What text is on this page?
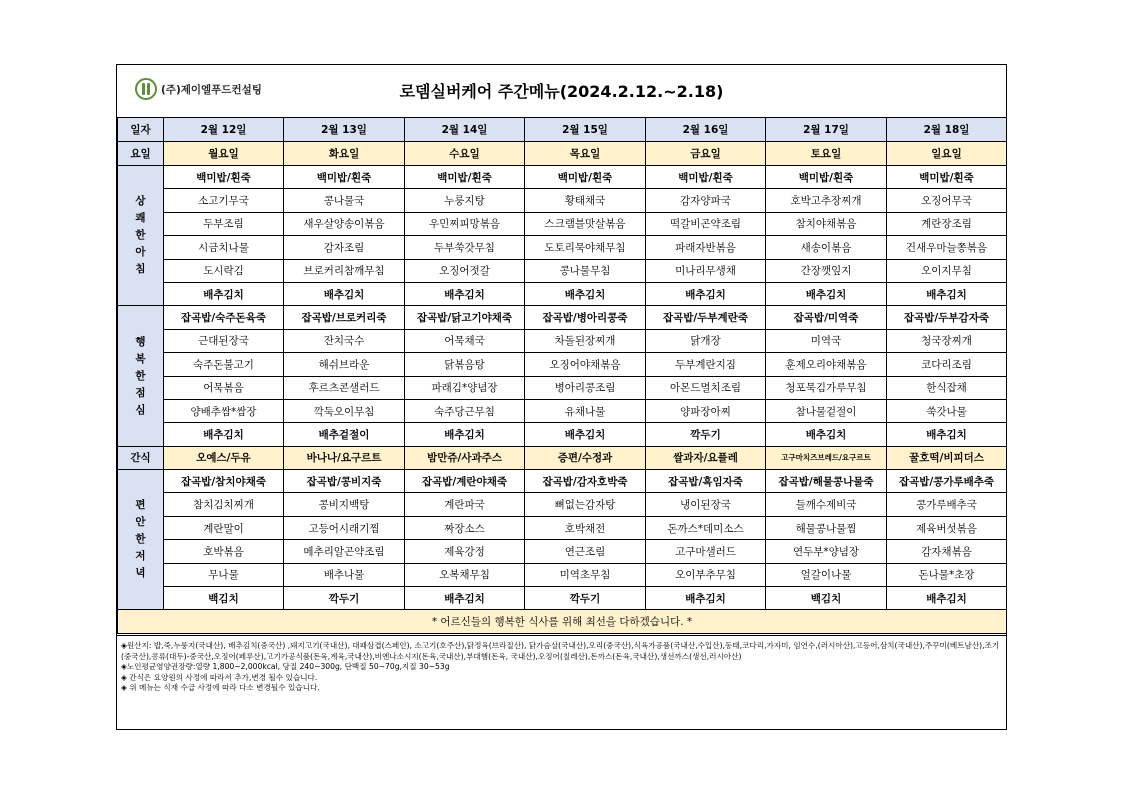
(주)제이엘푸드컨설팅	로뎀실버케어 주간메뉴(2024.2.12.~2.18)
일자	2월 12일	2월 13일	2월 14일	2월 15일	2월 16일	2월 17일	2월 18일
요일	월요일	화요일	수요일	목요일	금요일	토요일	일요일
상
쾌
한
아
침	백미밥/흰죽	백미밥/흰죽	백미밥/흰죽	백미밥/흰죽	백미밥/흰죽	백미밥/흰죽	백미밥/흰죽
	소고기무국	콩나물국	누룽지탕	황태채국	감자양파국	호박고추장찌개	오징어무국
	두부조림	새우살양송이볶음	우민찌피망볶음	스크램블맛살볶음	떡갈비곤약조림	참치야채볶음	계란장조림
	시금치나물	감자조림	두부쑥갓무침	도토리묵야채무침	파래자반볶음	새송이볶음	건새우마늘쫑볶음
	도시락김	브로커리참깨무침	오징어젓갈	콩나물무침	미나리무생채	간장깻잎지	오이지무침
	배추김치	배추김치	배추김치	배추김치	배추김치	배추김치	배추김치
행
복
한
점
심	잡곡밥/숙주돈육죽	잡곡밥/브로커리죽	잡곡밥/닭고기야채죽	잡곡밥/병아리콩죽	잡곡밥/두부계란죽	잡곡밥/미역죽	잡곡밥/두부감자죽
	근대된장국	잔치국수	어묵채국	차돌된장찌개	닭개장	미역국	청국장찌개
	숙주돈불고기	해쉬브라운	닭볶음탕	오징어야채볶음	두부계란지짐	훈제오리야채볶음	코다리조림
	어묵볶음	후르츠콘샐러드	파래김*양념장	병아리콩조림	아몬드멸치조림	청포묵김가루무침	한식잡채
	양배추쌈*쌈장	깍둑오이무침	숙주당근무침	유채나물	양파장아찌	참나물겉절이	쑥갓나물
	배추김치	배추겉절이	배추김치	배추김치	깍두기	배추김치	배추김치
간식	오예스/두유	바나나/요구르트	밤만쥬/사과주스	증편/수정과	쌀과자/요플레	고구마치즈브레드/요구르트	꿀호떡/비피더스
편
안
한
저
녁	잡곡밥/참치야채죽	잡곡밥/콩비지죽	잡곡밥/계란야채죽	잡곡밥/감자호박죽	잡곡밥/흑임자죽	잡곡밥/해물콩나물죽	잡곡밥/콩가루배추죽
	참치김치찌개	콩비지백탕	계란파국	뼈없는감자탕	냉이된장국	들깨수제비국	콩가루배추국
	계란말이	고등어시래기찜	짜장소스	호박채전	돈까스*데미소스	해물콩나물찜	제육버섯볶음
	호박볶음	메추리알곤약조림	제육강정	연근조림	고구마샐러드	연두부*양념장	감자채볶음
	무나물	배추나물	오복채무침	미역초무침	오이부추무침	얼갈이나물	돈나물*초장
	백김치	깍두기	배추김치	깍두기	배추김치	백김치	배추김치
* 어르신들의 행복한 식사를 위해 최선을 다하겠습니다. *							

◈원산지: 밥,죽,누룽지(국내산), 배추김치(중국산) ,돼지고기(국내산), 대패삼겹(스페인), 소고기(호주산),닭정육(브라질산), 닭가슴살(국내산),오리(중국산),식육가공품(국내산,수입산),동태,코다리,가자미, 임연수,(러시아산),고등어,삼치(국내산),주꾸미(베트남산),조기(중국산),콩류(대두)-중국산,오징어(페루산),고기가공식품(돈육,계육,국내산),비엔나소시지(돈육,국내산),부대햄(돈육, 국내산),오징어(칠레산),돈까스(돈육,국내산),생선까스(생선,러시아산)

◈노인평균영양권장량:열량 1,800~2,000kcal, 당질 240~300g, 단백질 50~70g,지질 30~53g

◈ 간식은 요양원의 사정에 따라서 추가,변경 될수 있습니다.

◈ 위 메뉴는 식재 수급 사정에 따라 다소 변경될수 있습니다.
